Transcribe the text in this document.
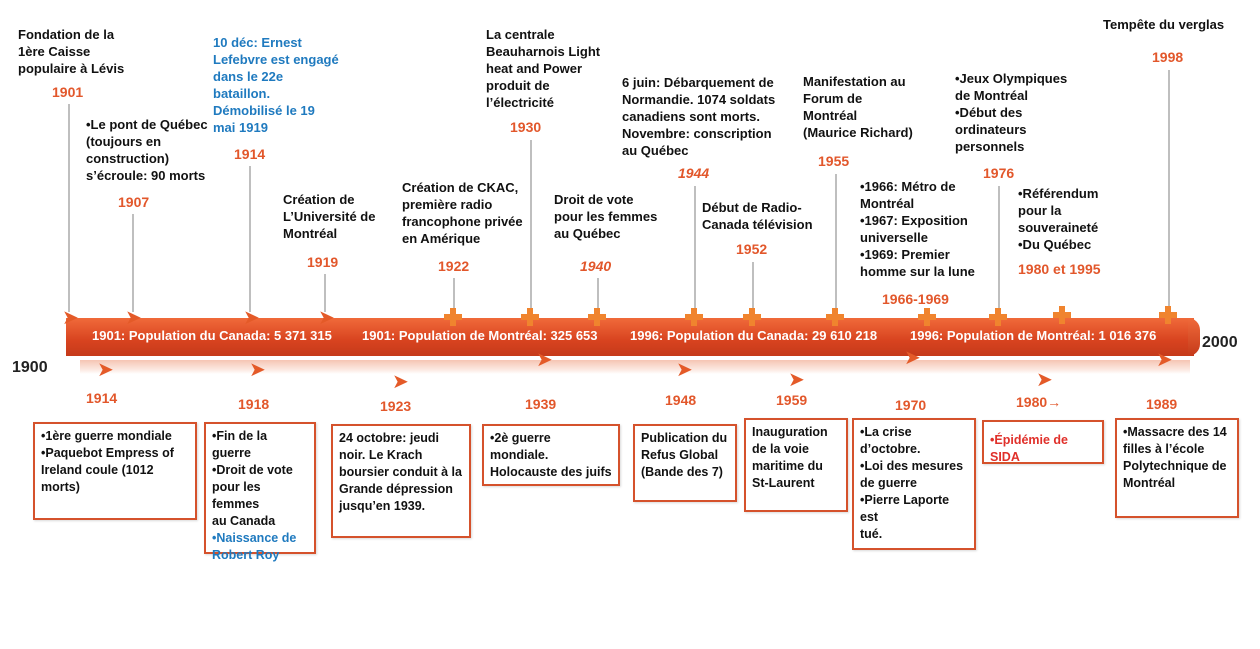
1900
2000
1901: Population du Canada: 5 371 315 1901: Population de Montréal: 325 653 1996: Population du Canada: 29 610 218	1996: Population de Montréal: 1 016 376
Fondation de la
1ère Caisse
populaire à Lévis
1901
➤
•Le pont de Québec
(toujours en
construction)
s’écroule: 90 morts
1907
➤
10 déc: Ernest
Lefebvre est engagé
dans le 22e
bataillon.
Démobilisé le 19
mai 1919
1914
➤
Création de
L’Université de
Montréal
1919
➤
Création de CKAC,
première radio
francophone privée
en Amérique
1922
La centrale
Beauharnois Light
heat and Power
produit de
l’électricité
1930
Droit de vote
pour les femmes
au Québec
1940
6 juin: Débarquement de
Normandie. 1074 soldats
canadiens sont morts.
Novembre: conscription
au Québec
1944
Début de Radio-
Canada télévision
1952
Manifestation au
Forum de
Montréal
(Maurice Richard)
1955
•1966: Métro de
Montréal
•1967: Exposition
universelle
•1969: Premier
homme sur la lune
1966-1969
•Jeux Olympiques
de Montréal
•Début des
ordinateurs
personnels
1976
•Référendum
pour la
souveraineté
•Du Québec
1980 et 1995
Tempête du verglas
1998
➤
1914
•1ère guerre mondiale
•Paquebot Empress of
Ireland coule (1012
morts)
➤
1918
•Fin de la guerre
•Droit de vote
pour les femmes
au Canada
•Naissance de
Robert Roy
➤
1923
24 octobre: jeudi
noir. Le Krach
boursier conduit à la
Grande dépression
jusqu’en 1939.
➤
1939
•2è guerre mondiale.
Holocauste des juifs
➤
1948
Publication du
Refus Global
(Bande des 7)
➤
1959
Inauguration
de la voie
maritime du
St-Laurent
➤
1970
•La crise
d’octobre.
•Loi des mesures
de guerre
•Pierre Laporte est
tué.
➤
1980→
•Épidémie de SIDA
➤
1989
•Massacre des 14
filles à l’école
Polytechnique de
Montréal
